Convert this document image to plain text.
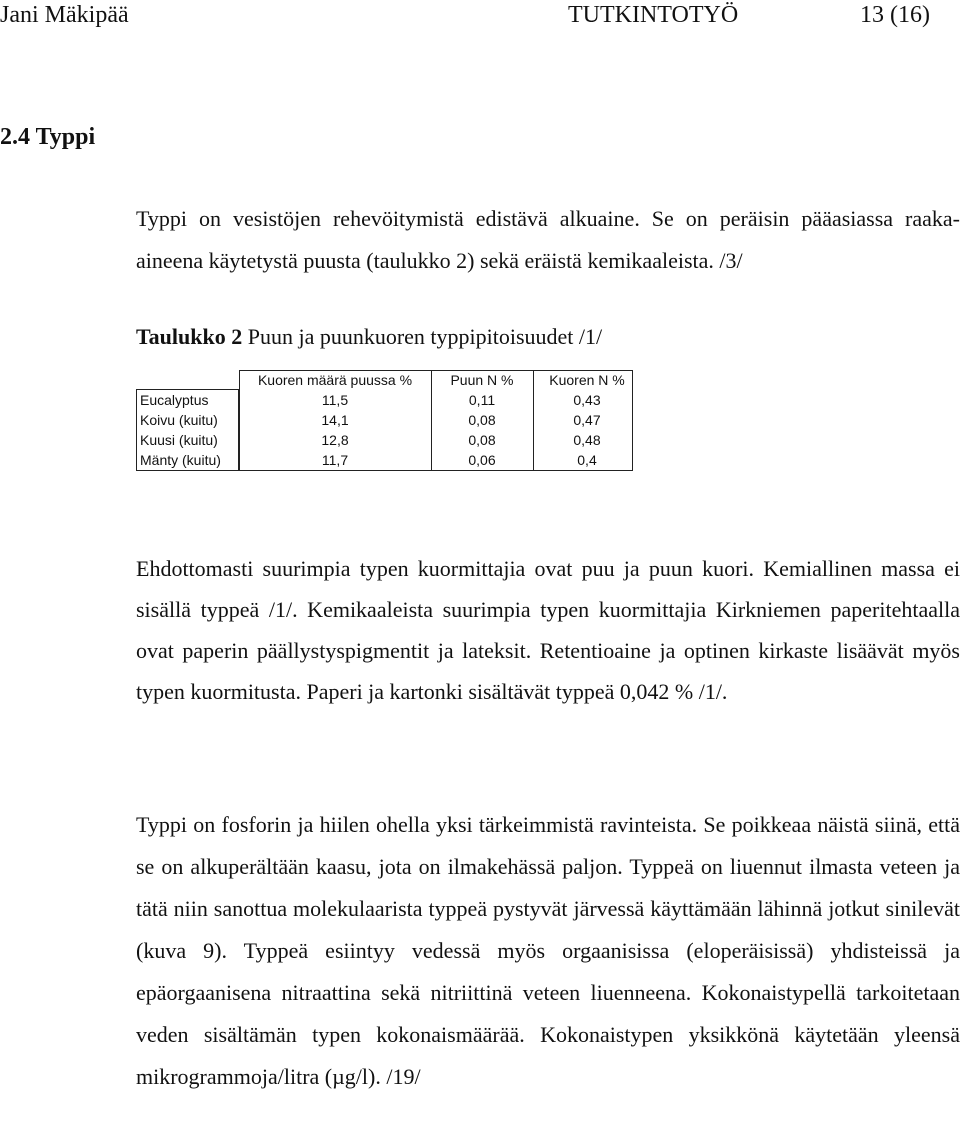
Jani Mäkipää	TUTKINTOTYÖ	13 (16)
2.4 Typpi

Typpi on vesistöjen rehevöitymistä edistävä alkuaine. Se on peräisin pääasiassa raaka-aineena käytetystä puusta (taulukko 2) sekä eräistä kemikaaleista. /3/

Taulukko 2 Puun ja puunkuoren typpipitoisuudet /1/

	Kuoren määrä puussa %	Puun N %	Kuoren N %
Eucalyptus	11,5	0,11	0,43
Koivu (kuitu)	14,1	0,08	0,47
Kuusi (kuitu)	12,8	0,08	0,48
Mänty (kuitu)	11,7	0,06	0,4

Ehdottomasti suurimpia typen kuormittajia ovat puu ja puun kuori. Kemiallinen massa ei sisällä typpeä /1/. Kemikaaleista suurimpia typen kuormittajia Kirkniemen paperitehtaalla ovat paperin päällystyspigmentit ja lateksit. Retentioaine ja optinen kirkaste lisäävät myös typen kuormitusta. Paperi ja kartonki sisältävät typpeä 0,042 % /1/.

Typpi on fosforin ja hiilen ohella yksi tärkeimmistä ravinteista. Se poikkeaa näistä siinä, että se on alkuperältään kaasu, jota on ilmakehässä paljon. Typpeä on liuennut ilmasta veteen ja tätä niin sanottua molekulaarista typpeä pystyvät järvessä käyttämään lähinnä jotkut sinilevät (kuva 9). Typpeä esiintyy vedessä myös orgaanisissa (eloperäisissä) yhdisteissä ja epäorgaanisena nitraattina sekä nitriittinä veteen liuenneena. Kokonaistypellä tarkoitetaan veden sisältämän typen kokonaismäärää. Kokonaistypen yksikkönä käytetään yleensä mikrogrammoja/litra (µg/l). /19/
